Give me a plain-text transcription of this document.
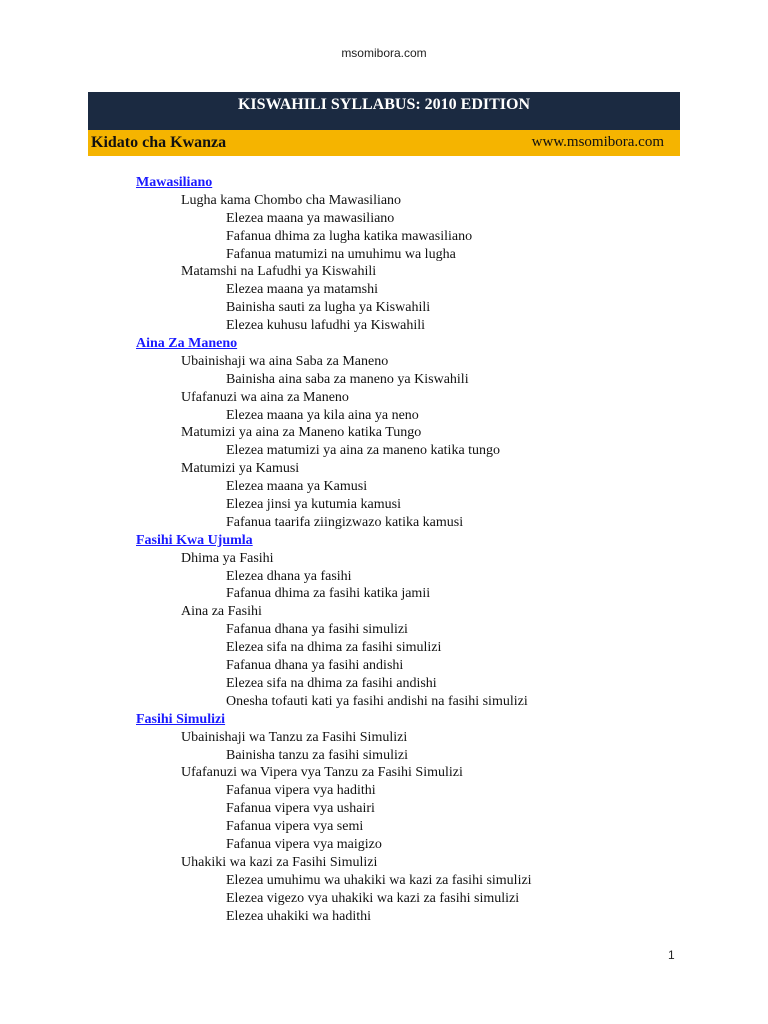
msomibora.com
KISWAHILI SYLLABUS: 2010 EDITION
Kidato cha Kwanza	www.msomibora.com
Mawasiliano
Lugha kama Chombo cha Mawasiliano
Elezea maana ya mawasiliano
Fafanua dhima za lugha katika mawasiliano
Fafanua matumizi na umuhimu wa lugha
Matamshi na Lafudhi ya Kiswahili
Elezea maana ya matamshi
Bainisha sauti za lugha ya Kiswahili
Elezea kuhusu lafudhi ya Kiswahili
Aina Za Maneno
Ubainishaji wa aina Saba za Maneno
Bainisha aina saba za maneno ya Kiswahili
Ufafanuzi wa aina za Maneno
Elezea maana ya kila aina ya neno
Matumizi ya aina za Maneno katika Tungo
Elezea matumizi ya aina za maneno katika tungo
Matumizi ya Kamusi
Elezea maana ya Kamusi
Elezea jinsi ya kutumia kamusi
Fafanua taarifa ziingizwazo katika kamusi
Fasihi Kwa Ujumla
Dhima ya Fasihi
Elezea dhana ya fasihi
Fafanua dhima za fasihi katika jamii
Aina za Fasihi
Fafanua dhana ya fasihi simulizi
Elezea sifa na dhima za fasihi simulizi
Fafanua dhana ya fasihi andishi
Elezea sifa na dhima za fasihi andishi
Onesha tofauti kati ya fasihi andishi na fasihi simulizi
Fasihi Simulizi
Ubainishaji wa Tanzu za Fasihi Simulizi
Bainisha tanzu za fasihi simulizi
Ufafanuzi wa Vipera vya Tanzu za Fasihi Simulizi
Fafanua vipera vya hadithi
Fafanua vipera vya ushairi
Fafanua vipera vya semi
Fafanua vipera vya maigizo
Uhakiki wa kazi za Fasihi Simulizi
Elezea umuhimu wa uhakiki wa kazi za fasihi simulizi
Elezea vigezo vya uhakiki wa kazi za fasihi simulizi
Elezea uhakiki wa hadithi
1
